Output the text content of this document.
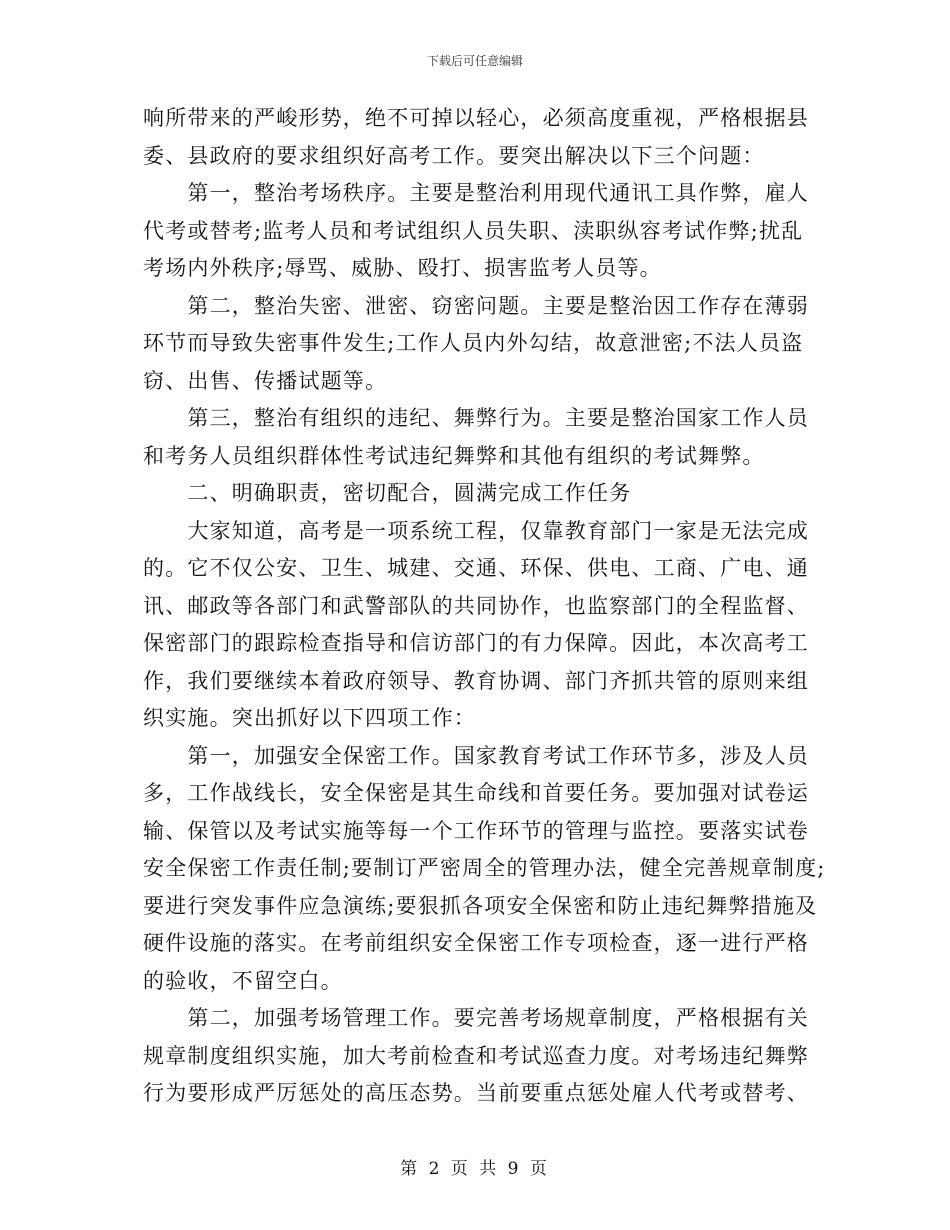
下载后可任意编辑
响所带来的严峻形势，绝不可掉以轻心，必须高度重视，严格根据县
委、县政府的要求组织好高考工作。要突出解决以下三个问题：
　　第一，整治考场秩序。主要是整治利用现代通讯工具作弊，雇人
代考或替考;监考人员和考试组织人员失职、渎职纵容考试作弊;扰乱
考场内外秩序;辱骂、威胁、殴打、损害监考人员等。
　　第二，整治失密、泄密、窃密问题。主要是整治因工作存在薄弱
环节而导致失密事件发生;工作人员内外勾结，故意泄密;不法人员盗
窃、出售、传播试题等。
　　第三，整治有组织的违纪、舞弊行为。主要是整治国家工作人员
和考务人员组织群体性考试违纪舞弊和其他有组织的考试舞弊。
　　二、明确职责，密切配合，圆满完成工作任务
　　大家知道，高考是一项系统工程，仅靠教育部门一家是无法完成
的。它不仅公安、卫生、城建、交通、环保、供电、工商、广电、通
讯、邮政等各部门和武警部队的共同协作，也监察部门的全程监督、
保密部门的跟踪检查指导和信访部门的有力保障。因此，本次高考工
作，我们要继续本着政府领导、教育协调、部门齐抓共管的原则来组
织实施。突出抓好以下四项工作：
　　第一，加强安全保密工作。国家教育考试工作环节多，涉及人员
多，工作战线长，安全保密是其生命线和首要任务。要加强对试卷运
输、保管以及考试实施等每一个工作环节的管理与监控。要落实试卷
安全保密工作责任制;要制订严密周全的管理办法，健全完善规章制度;
要进行突发事件应急演练;要狠抓各项安全保密和防止违纪舞弊措施及
硬件设施的落实。在考前组织安全保密工作专项检查，逐一进行严格
的验收，不留空白。
　　第二，加强考场管理工作。要完善考场规章制度，严格根据有关
规章制度组织实施，加大考前检查和考试巡查力度。对考场违纪舞弊
行为要形成严厉惩处的高压态势。当前要重点惩处雇人代考或替考、
第 2 页 共 9 页
